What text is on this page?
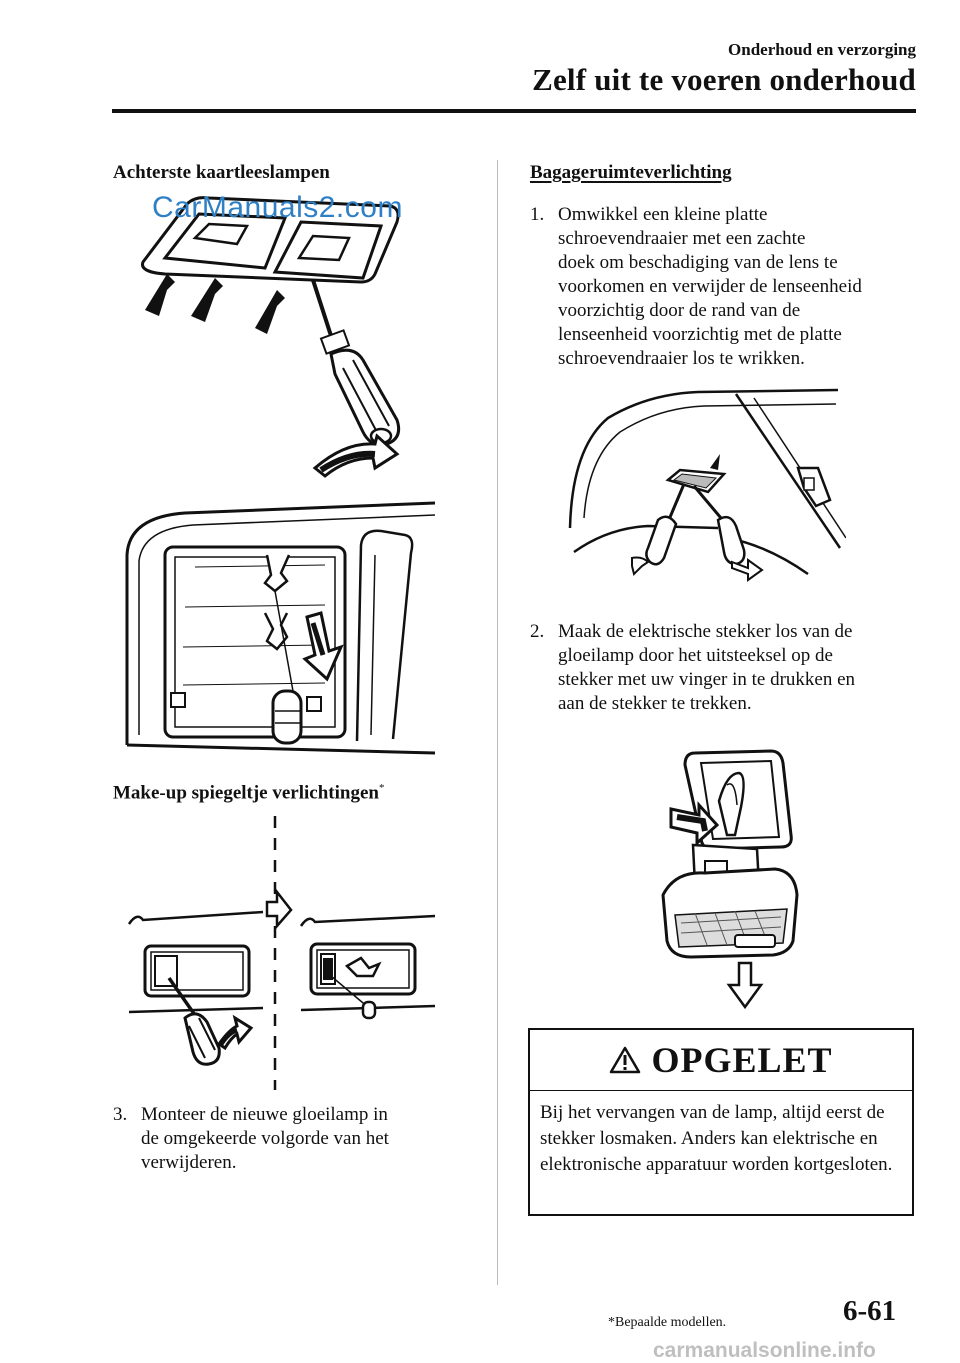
Onderhoud en verzorging
Zelf uit te voeren onderhoud
Achterste kaartleeslampen
Make-up spiegeltje verlichtingen*
3. Monteer de nieuwe gloeilamp in
de omgekeerde volgorde van het
verwijderen.
Bagageruimteverlichting
1. Omwikkel een kleine platte
schroevendraaier met een zachte
doek om beschadiging van de lens te
voorkomen en verwijder de lenseenheid
voorzichtig door de rand van de
lenseenheid voorzichtig met de platte
schroevendraaier los te wrikken.
2. Maak de elektrische stekker los van de
gloeilamp door het uitsteeksel op de
stekker met uw vinger in te drukken en
aan de stekker te trekken.
OPGELET
Bij het vervangen van de lamp, altijd eerst de stekker losmaken. Anders kan elektrische en elektronische apparatuur worden kortgesloten.
*Bepaalde modellen.	6-61
CarManuals2.com
carmanualsonline.info
